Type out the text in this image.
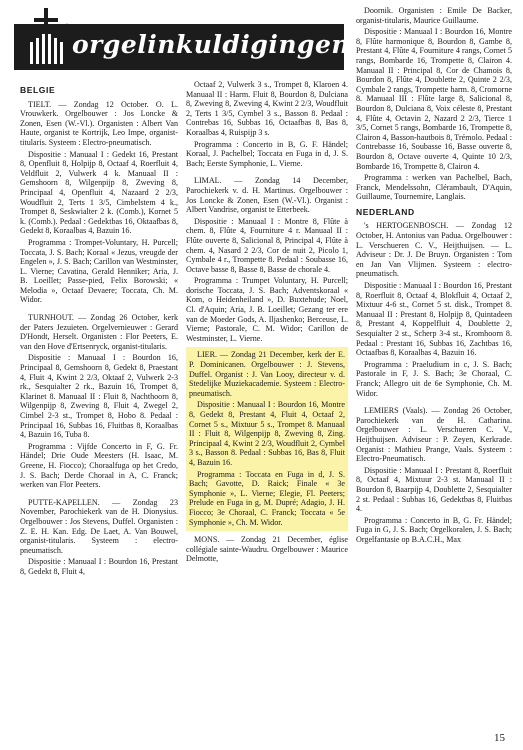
orgelinkuldigingen
BELGIE

TIELT. — Zondag 12 October. O. L. Vrouwkerk. Orgelbouwer : Jos Loncke & Zonen, Esen (W.-Vl.). Organisten : Albert Van Haute, organist te Kortrijk, Leo Impe, organist-titularis. Systeem : Electro-pneumatisch.

Dispositie : Manuaal I : Gedekt 16, Prestant 8, Openfluit 8, Holpijp 8, Octaaf 4, Roerfluit 4, Veldfluit 2, Vulwerk 4 k. Manuaal II : Gemshoorn 8, Wilgenpijp 8, Zweving 8, Principaal 4, Openfluit 4, Nazaard 2 2/3, Woudfluit 2, Terts 1 3/5, Cimbelstem 4 k., Trompet 8, Seskwialter 2 k. (Comb.), Kornet 5 k. (Comb.). Pedaal : Gedektbas 16, Oktaafbas 8, Gedekt 8, Koraalbas 4, Bazuin 16.

Programma : Trompet-Voluntary, H. Purcell; Toccata, J. S. Bach; Koraal « Jezus, vreugde der Engelen », J. S. Bach; Carillon van Westminster, L. Vierne; Cavatina, Gerald Henniker; Aria, J. B. Loeillet; Passe-pied, Felix Borowski; « Melodia », Octaaf Devaere; Toccata, Ch. M. Widor.

TURNHOUT. — Zondag 26 October, kerk der Paters Jezuieten. Orgelvernieuwer : Gerard D'Hondt, Herselt. Organisten : Flor Peeters, E. van den Hove d'Ertsenryck, organist-titularis.

Dispositie : Manuaal I : Bourdon 16, Principaal 8, Gemshoorn 8, Gedekt 8, Praestant 4, Fluit 4, Kwint 2 2/3, Oktaaf 2, Vulwerk 2-3 rk., Sesquialter 2 rk., Bazuin 16, Trompet 8, Klarinet 8. Manuaal II : Fluit 8, Nachthoorn 8, Wilgenpijp 8, Zweving 8, Fluit 4, Zwegel 2, Cimbel 2-3 st., Trompet 8, Hobo 8. Pedaal : Principaal 16, Subbas 16, Fluitbas 8, Koraalbas 4, Bazuin 16, Tuba 8.

Programma : Vijfde Concerto in F, G. Fr. Händel; Drie Oude Meesters (H. Isaac, M. Greene, H. Fiocco); Choraalfuga op het Credo, J. S. Bach; Derde Choraal in A, C. Franck; werken van Flor Peeters.

PUTTE-KAPELLEN. — Zondag 23 November, Parochiekerk van de H. Dionysius. Orgelbouwer : Jos Stevens, Duffel. Organisten : Z. E. H. Kan. Edg. De Laet, A. Van Bouwel, organist-titularis. Systeem : electro-pneumatisch.

Dispositie : Manuaal I : Bourdon 16, Prestant 8, Gedekt 8, Fluit 4,

Octaaf 2, Vulwerk 3 s., Trompet 8, Klaroen 4. Manuaal II : Harm. Fluit 8, Bourdon 8, Dulciana 8, Zweving 8, Zweving 4, Kwint 2 2/3, Woudfluit 2, Terts 1 3/5, Cymbel 3 s., Basson 8. Pedaal : Contrebas 16, Subbas 16, Octaafbas 8, Bas 8, Koraalbas 4, Ruispijp 3 s.

Programma : Concerto in B, G. F. Händel; Koraal, J. Pachelbel; Toccata en Fuga in d, J. S. Bach; Eerste Symphonie, L. Vierne.

LIMAL. — Zondag 14 December, Parochiekerk v. d. H. Martinus. Orgelbouwer : Jos Loncke & Zonen, Esen (W.-Vl.). Organist : Albert Vandrise, organist te Etterbeek.

Dispositie : Manuaal I : Montre 8, Flûte à chem. 8, Flûte 4, Fourniture 4 r. Manuaal II : Flûte ouverte 8, Salicional 8, Principal 4, Flûte à chem. 4, Nasard 2 2/3, Cor de nuit 2, Picolo 1, Cymbale 4 r., Trompette 8. Pedaal : Soubasse 16, Octave basse 8, Basse 8, Basse de chorale 4.

Programma : Trumpet Voluntary, H. Purcell; dorische Toccata, J. S. Bach; Adventskoraal « Kom, o Heidenheiland », D. Buxtehude; Noel, Cl. d'Aquin; Aria, J. B. Loeillet; Gezang ter ere van de Moeder Gods, A. Iljashenko; Berceuse, L. Vierne; Pastorale, C. M. Widor; Carillon de Westminster, L. Vierne.

LIER. — Zondag 21 December, kerk der E. P. Dominicanen. Orgelbouwer : J. Stevens, Duffel. Organist : J. Van Looy, directeur v. d. Stedelijke Muziekacademie. Systeem : Electro-pneumatisch.

Dispositie : Manuaal I : Bourdon 16, Montre 8, Gedekt 8, Prestant 4, Fluit 4, Octaaf 2, Cornet 5 s., Mixtuur 5 s., Trompet 8. Manuaal II : Fluit 8, Wilgenpijp 8, Zweving 8, Zing. Principaal 4, Kwint 2 2/3, Woudfluit 2, Cymbel 3 s., Basson 8. Pedaal : Subbas 16, Bas 8, Fluit 4, Bazuin 16.

Programma : Toccata en Fuga in d, J. S. Bach; Gavotte, D. Raick; Finale « 3e Symphonie », L. Vierne; Elegie, Fl. Peeters; Prelude en Fuga in g, M. Dupré; Adagio, J. H. Fiocco; 3e Choraal, C. Franck; Toccata « 5e Symphonie », Ch. M. Widor.

MONS. — Zondag 21 December, église collégiale sainte-Waudru. Orgelbouwer : Maurice Delmotte,

Doornik. Organisten : Emile De Backer, organist-titularis, Maurice Guillaume.

Dispositie : Manuaal I : Bourdon 16, Montre 8, Flûte harmonique 8, Bourdon 8, Gambe 8, Prestant 4, Flûte 4, Fourniture 4 rangs, Cornet 5 rangs, Bombarde 16, Trompette 8, Clairon 4. Manuaal II : Principal 8, Cor de Chamois 8, Bourdon 8, Flûte 4, Doublette 2, Quinte 2 2/3, Cymbale 2 rangs, Trompette harm. 8, Cromorne 8. Manuaal III : Flûte large 8, Salicional 8, Bourdon 8, Dulciana 8, Voix céleste 8, Prestant 4, Flûte 4, Octavin 2, Nazard 2 2/3, Tierce 1 3/5, Cornet 5 rangs, Bombarde 16, Trompette 8, Clairon 4, Basson-hautbois 8, Trémolo. Pedaal : Contrebasse 16, Soubasse 16, Basse ouverte 8, Bourdon 8, Octave ouverte 4, Quinte 10 2/3, Bombarde 16, Trompette 8, Clairon 4.

Programma : werken van Pachelbel, Bach, Franck, Mendelssohn, Clérambault, D'Aquin, Guillaume, Tournemire, Langlais.

NEDERLAND

's HERTOGENBOSCH. — Zondag 12 October, H. Antonius van Padua. Orgelbouwer : L. Verschueren C. V., Heijthuijsen. — L. Adviseur : Dr. J. De Bruyn. Organisten : Tom en Jan Van Vlijmen. Systeem : electro-pneumatisch.

Dispositie : Manuaal I : Bourdon 16, Prestant 8, Roerfluit 8, Octaaf 4, Blokfluit 4, Octaaf 2, Mixtuur 4-6 st., Cornet 5 st. disk., Trompet 8. Manuaal II : Prestant 8, Holpijp 8, Quintadeen 8, Prestant 4, Koppelfluit 4, Doublette 2, Sesquialter 2 st., Scherp 3-4 st., Kromhoorn 8. Pedaal : Prestant 16, Subbas 16, Zachtbas 16, Octaafbas 8, Koraalbas 4, Bazuin 16.

Programma : Praeludium in c, J. S. Bach; Pastorale in F, J. S. Bach; 3e Choraal, C. Franck; Allegro uit de 6e Symphonie, Ch. M. Widor.

LEMIERS (Vaals). — Zondag 26 October, Parochiekerk van de H. Catharina. Orgelbouwer : L. Verschueren C. V., Heijthuijsen. Adviseur : P. Zeyen, Kerkrade. Organist : Mathieu Prange, Vaals. Systeem : Electro-Pneumatisch.

Dispositie : Manuaal I : Prestant 8, Roerfluit 8, Octaaf 4, Mixtuur 2-3 st. Manuaal II : Bourdon 8, Baarpijp 4, Doublette 2, Sesquialter 2 st. Pedaal : Subbas 16, Gedektbas 8, Fluitbas 4.

Programma : Concerto in B, G. Fr. Händel; Fuga in G, J. S. Bach; Orgelkoralen, J. S. Bach; Orgelfantasie op B.A.C.H., Max

15
